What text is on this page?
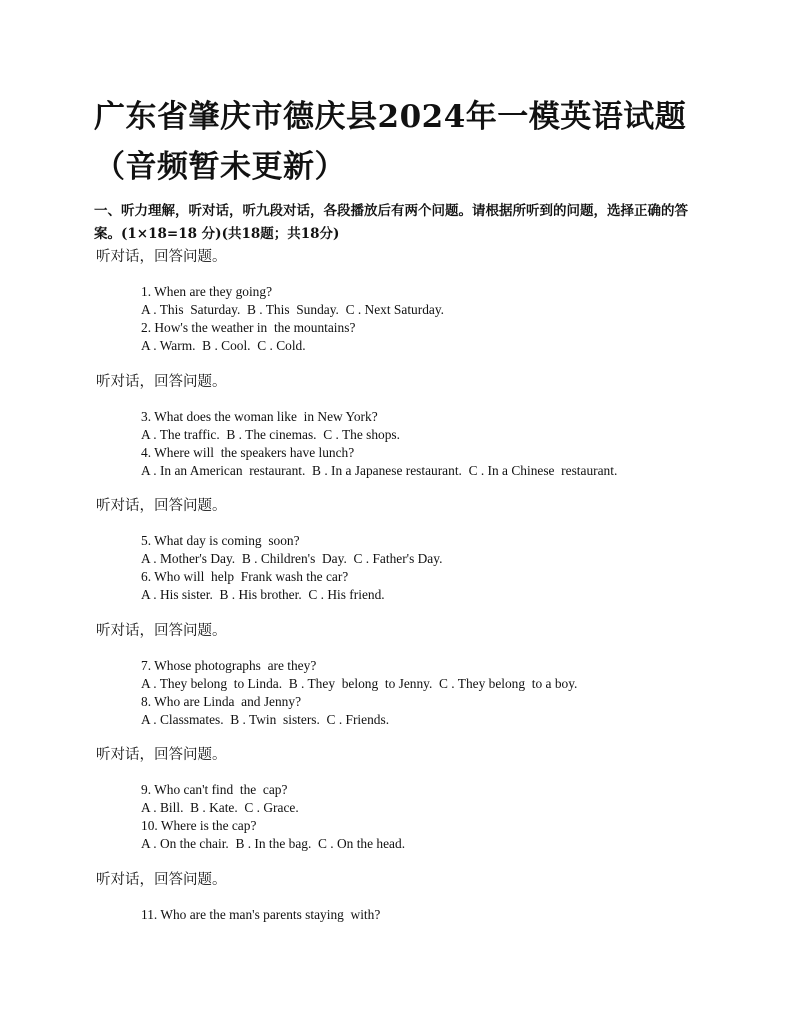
广东省肇庆市德庆县2024年一模英语试题（音频暂未更新）

一、听力理解，听对话，听九段对话，各段播放后有两个问题。请根据所听到的问题，选择正确的答案。(1×18=18 分)(共18题；共18分)

听对话，回答问题。
1. When are they going?
A . This  Saturday.  B . This  Sunday.  C . Next Saturday.
2. How's the weather in  the mountains?
A . Warm.  B . Cool.  C . Cold.
听对话，回答问题。
3. What does the woman like  in New York?
A . The traffic.  B . The cinemas.  C . The shops.
4. Where will  the speakers have lunch?
A . In an American  restaurant.  B . In a Japanese restaurant.  C . In a Chinese  restaurant.
听对话，回答问题。
5. What day is coming  soon?
A . Mother's Day.  B . Children's  Day.  C . Father's Day.
6. Who will  help  Frank wash the car?
A . His sister.  B . His brother.  C . His friend.
听对话，回答问题。
7. Whose photographs  are they?
A . They belong  to Linda.  B . They  belong  to Jenny.  C . They belong  to a boy.
8. Who are Linda  and Jenny?
A . Classmates.  B . Twin  sisters.  C . Friends.
听对话，回答问题。
9. Who can't find  the  cap?
A . Bill.  B . Kate.  C . Grace.
10. Where is the cap?
A . On the chair.  B . In the bag.  C . On the head.
听对话，回答问题。
11. Who are the man's parents staying  with?
